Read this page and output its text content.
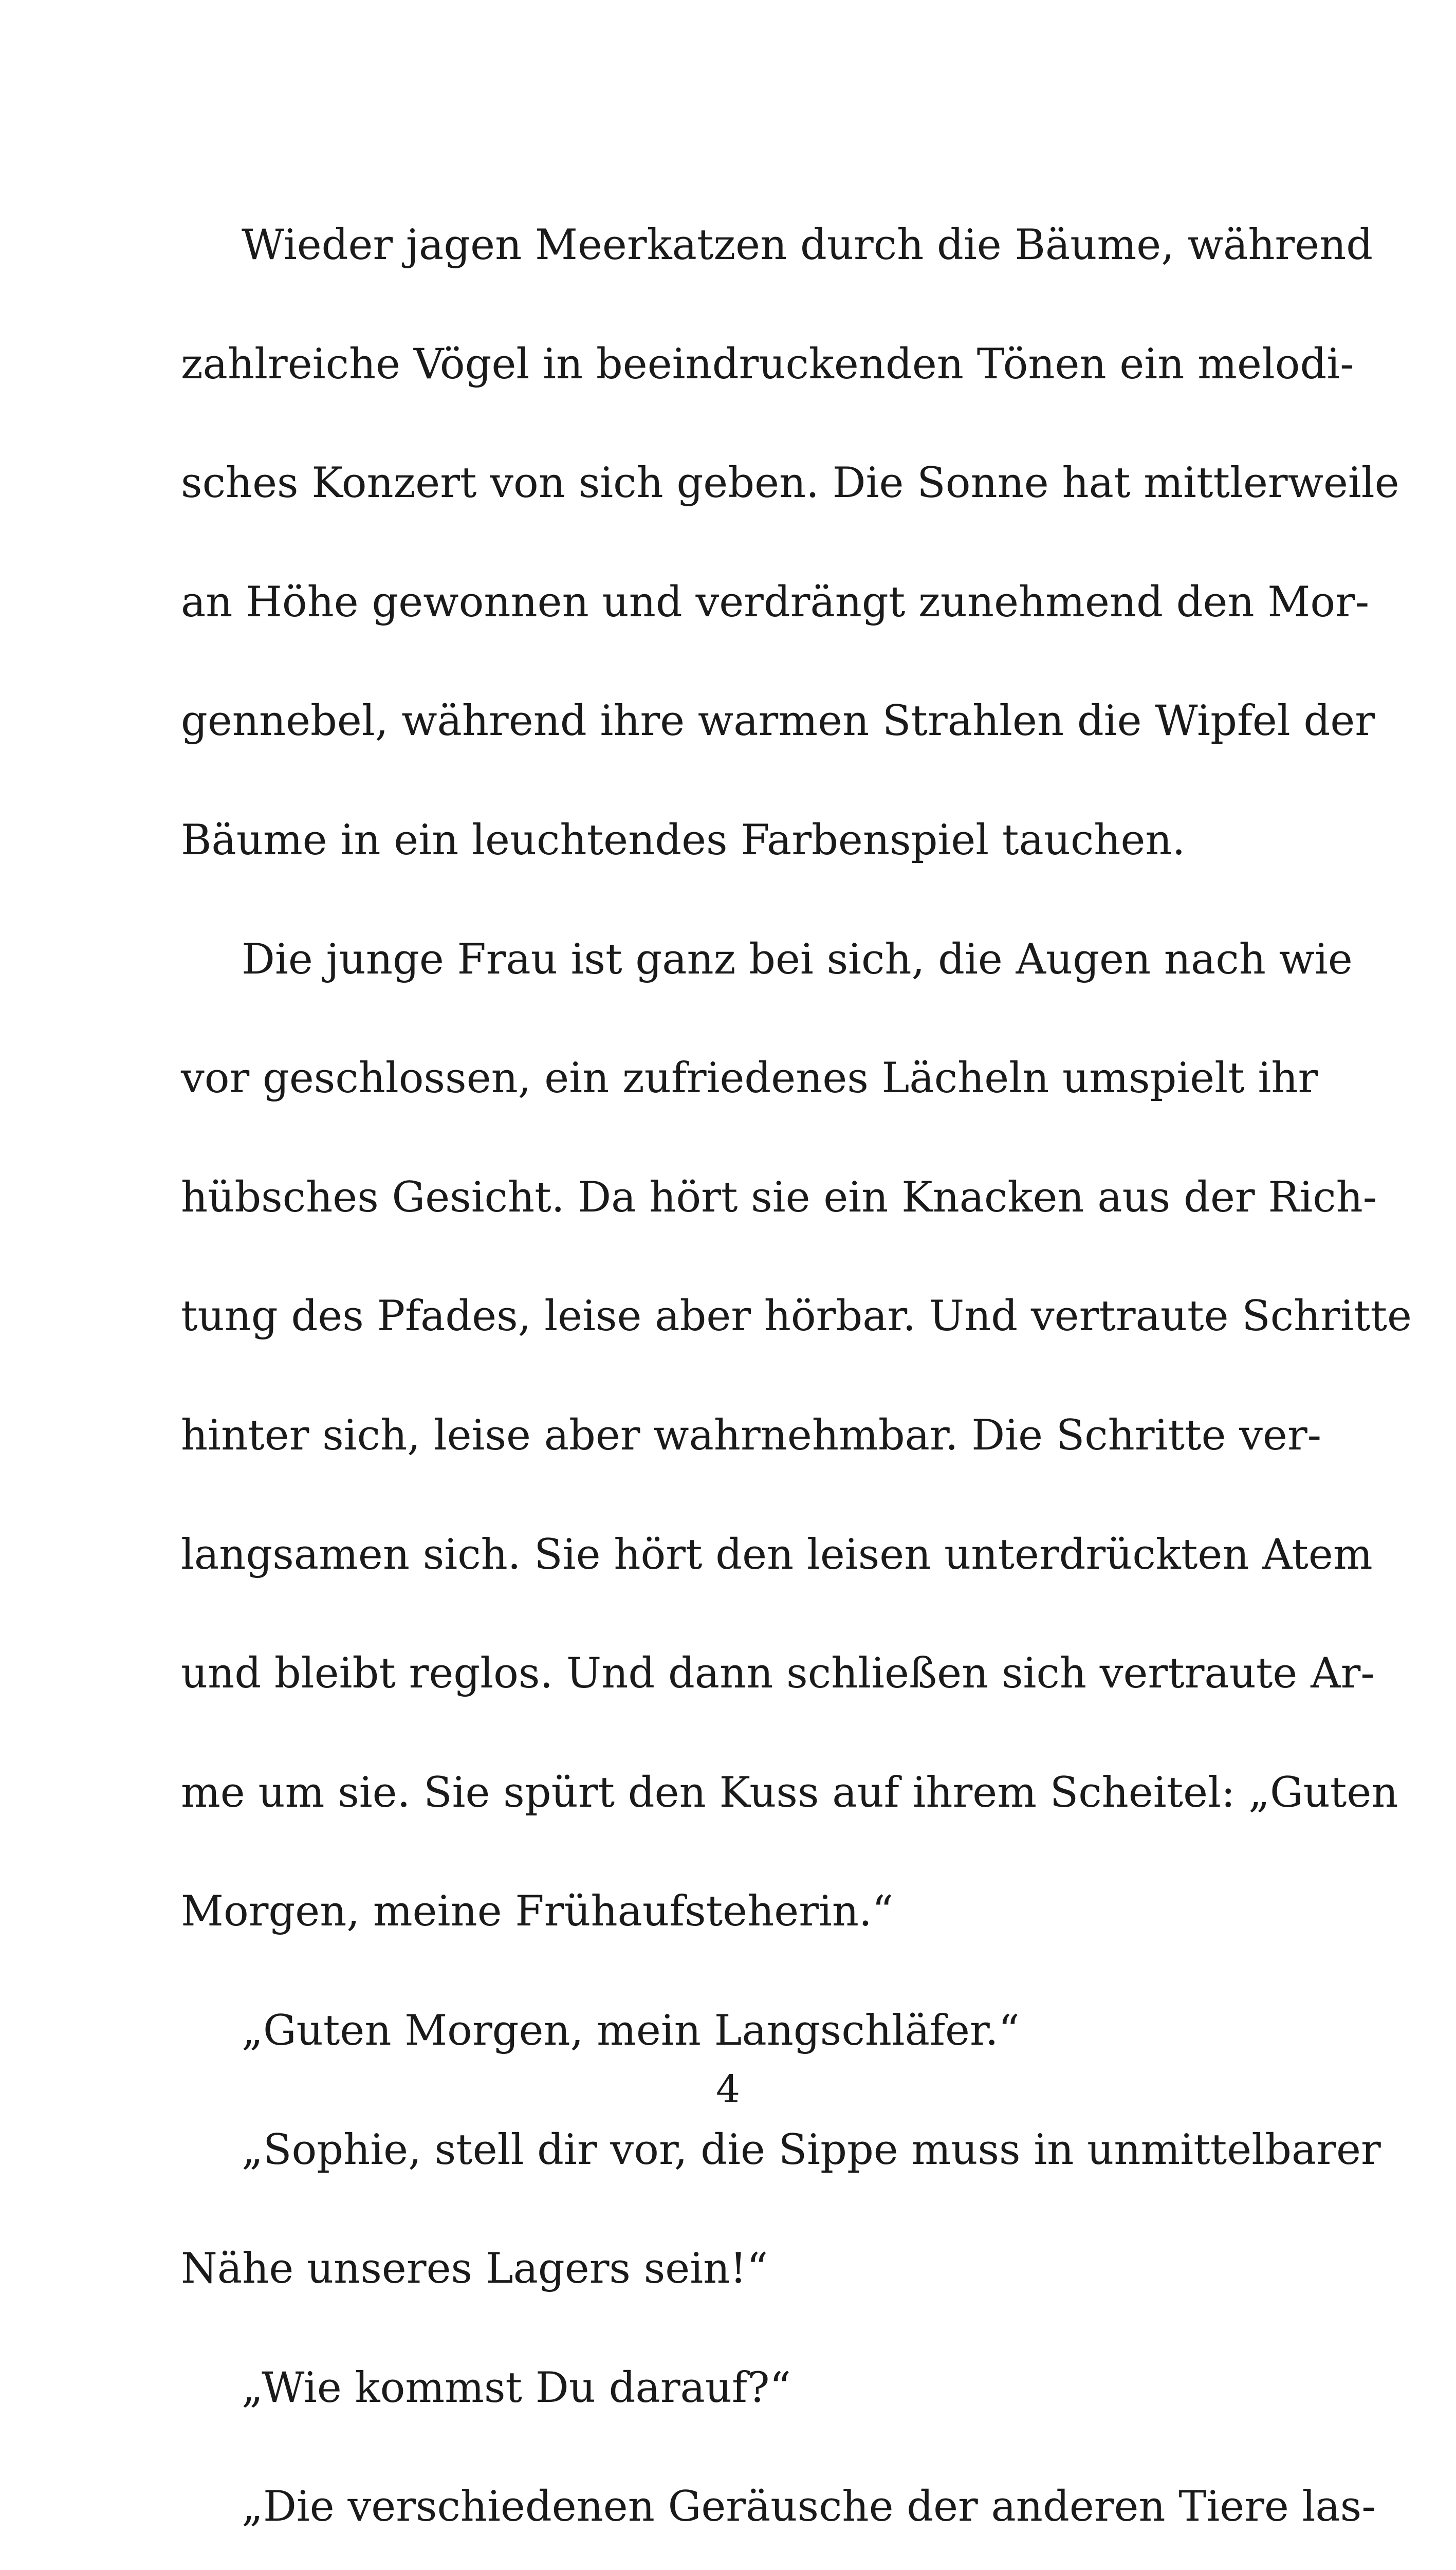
Wieder jagen Meerkatzen durch die Bäume, während
zahlreiche Vögel in beeindruckenden Tönen ein melodi-
sches Konzert von sich geben. Die Sonne hat mittlerweile
an Höhe gewonnen und verdrängt zunehmend den Mor-
gennebel, während ihre warmen Strahlen die Wipfel der
Bäume in ein leuchtendes Farbenspiel tauchen.
Die junge Frau ist ganz bei sich, die Augen nach wie
vor geschlossen, ein zufriedenes Lächeln umspielt ihr
hübsches Gesicht. Da hört sie ein Knacken aus der Rich-
tung des Pfades, leise aber hörbar. Und vertraute Schritte
hinter sich, leise aber wahrnehmbar. Die Schritte ver-
langsamen sich. Sie hört den leisen unterdrückten Atem
und bleibt reglos. Und dann schließen sich vertraute Ar-
me um sie. Sie spürt den Kuss auf ihrem Scheitel: „Guten
Morgen, meine Frühaufsteherin.“
„Guten Morgen, mein Langschläfer.“
„Sophie, stell dir vor, die Sippe muss in unmittelbarer
Nähe unseres Lagers sein!“
„Wie kommst Du darauf?“
„Die verschiedenen Geräusche der anderen Tiere las-
4
